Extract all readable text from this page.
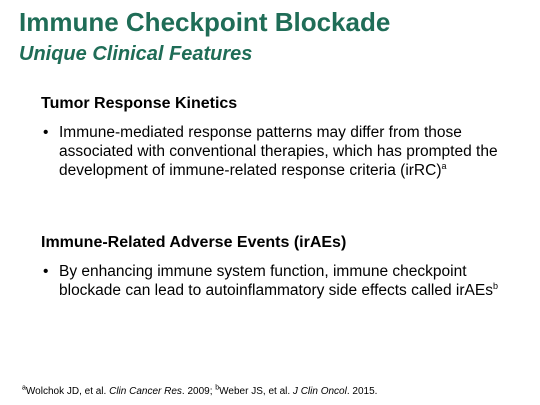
Immune Checkpoint Blockade
Unique Clinical Features
Tumor Response Kinetics
• Immune-mediated response patterns may differ from those associated with conventional therapies, which has prompted the development of immune-related response criteria (irRC)$^a$
Immune-Related Adverse Events (irAEs)
• By enhancing immune system function, immune checkpoint blockade can lead to autoinflammatory side effects called irAEs$^b$
$^a$Wolchok JD, et al. Clin Cancer Res. 2009; $^b$Weber JS, et al. J Clin Oncol. 2015.
